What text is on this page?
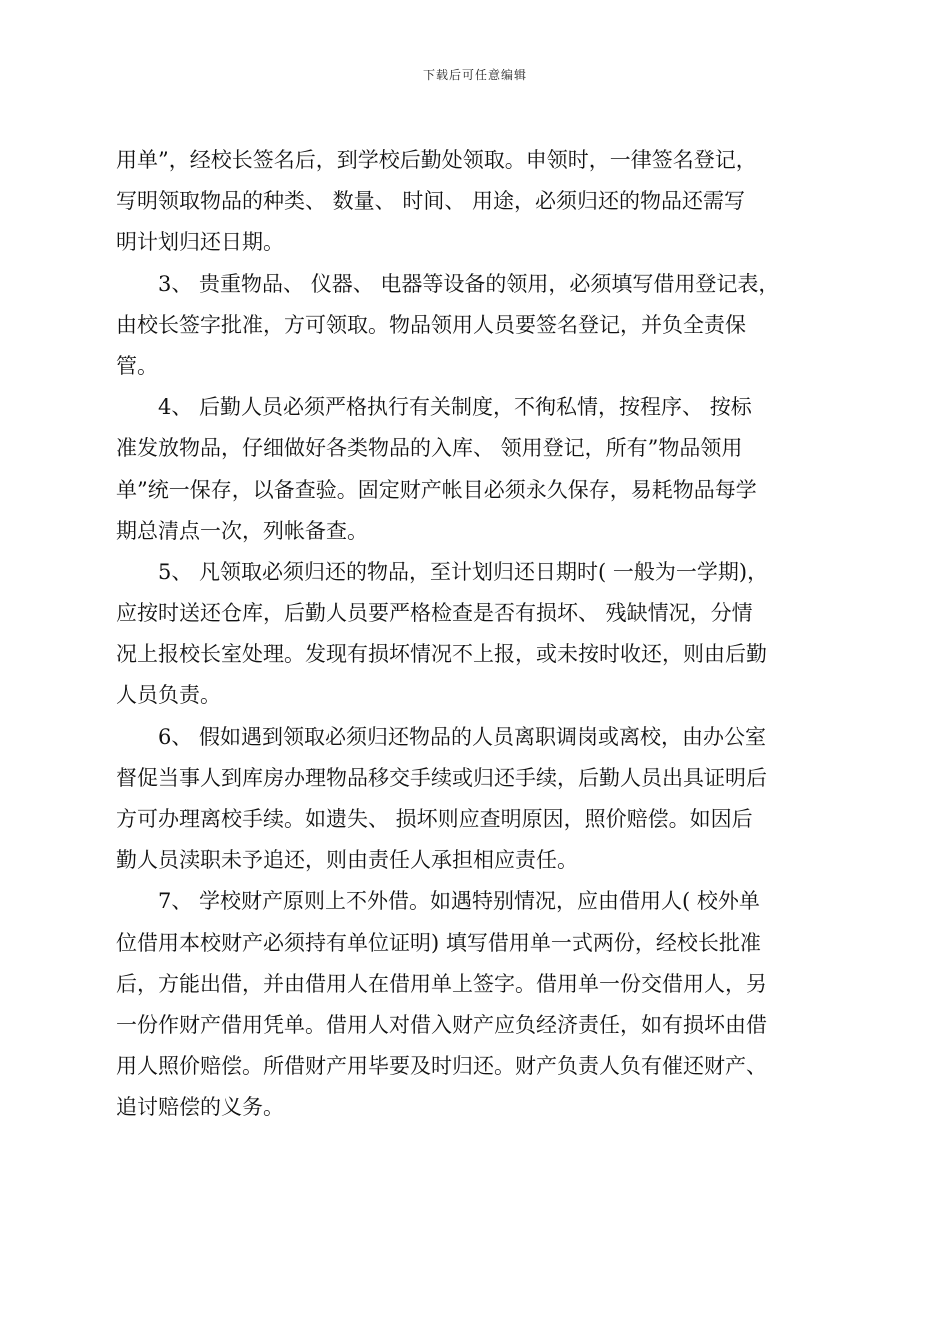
下载后可任意编辑
用单”，经校长签名后，到学校后勤处领取。申领时，一律签名登记，
写明领取物品的种类、 数量、 时间、 用途，必须归还的物品还需写
明计划归还日期。
　　3、 贵重物品、 仪器、 电器等设备的领用，必须填写借用登记表，
由校长签字批准，方可领取。物品领用人员要签名登记，并负全责保
管。
　　4、 后勤人员必须严格执行有关制度，不徇私情，按程序、 按标
准发放物品，仔细做好各类物品的入库、 领用登记，所有”物品领用
单”统一保存，以备查验。固定财产帐目必须永久保存，易耗物品每学
期总清点一次，列帐备查。
　　5、 凡领取必须归还的物品，至计划归还日期时( 一般为一学期)，
应按时送还仓库，后勤人员要严格检查是否有损坏、 残缺情况，分情
况上报校长室处理。发现有损坏情况不上报，或未按时收还，则由后勤
人员负责。
　　6、 假如遇到领取必须归还物品的人员离职调岗或离校，由办公室
督促当事人到库房办理物品移交手续或归还手续，后勤人员出具证明后
方可办理离校手续。如遗失、 损坏则应查明原因，照价赔偿。如因后
勤人员渎职未予追还，则由责任人承担相应责任。
　　7、 学校财产原则上不外借。如遇特别情况，应由借用人( 校外单
位借用本校财产必须持有单位证明) 填写借用单一式两份，经校长批准
后，方能出借，并由借用人在借用单上签字。借用单一份交借用人，另
一份作财产借用凭单。借用人对借入财产应负经济责任，如有损坏由借
用人照价赔偿。所借财产用毕要及时归还。财产负责人负有催还财产、
追讨赔偿的义务。
